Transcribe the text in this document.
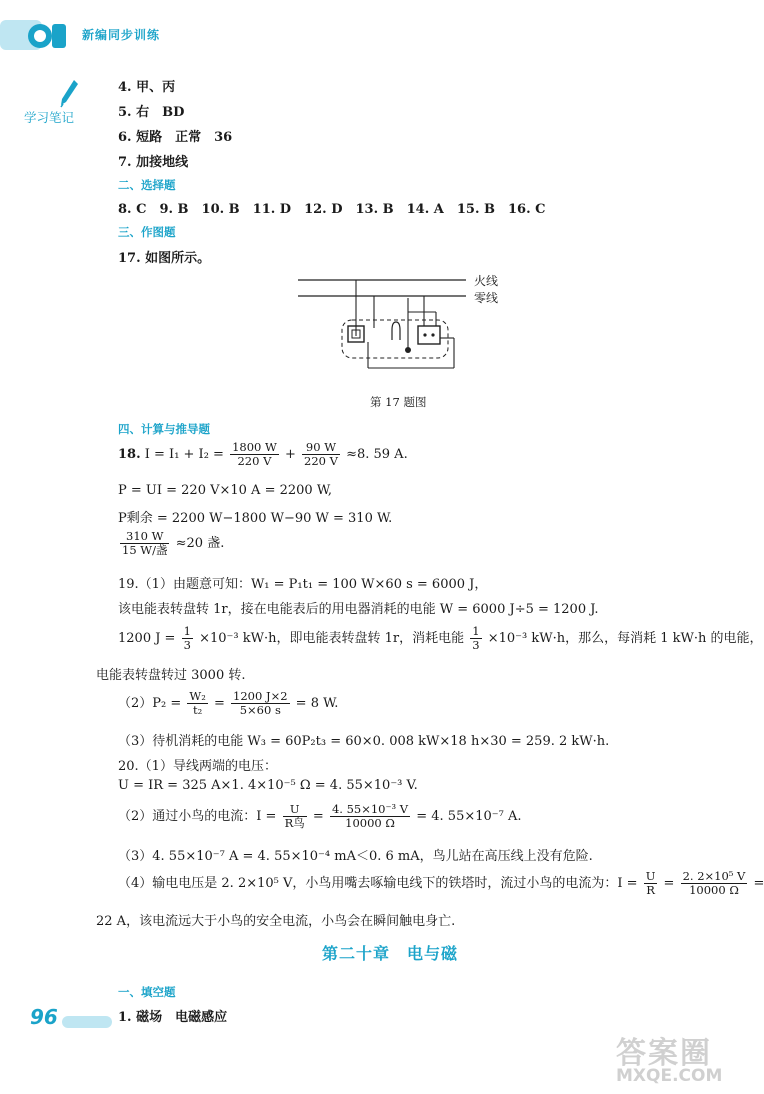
新编同步训练
学习笔记
4. 甲、丙
5. 右　BD
6. 短路　正常　36
7. 加接地线
二、选择题
8. C　9. B　10. B　11. D　12. D　13. B　14. A　15. B　16. C
三、作图题
17. 如图所示。
火线
零线
第 17 题图
四、计算与推导题
18. $I = I_1 + I_2 = \frac{1800 W}{220 V} + \frac{90 W}{220 V} \approx 8$. 59 A.
P = UI = 220 V×10 A = 2200 W,
P剩余 = 2200 W−1800 W−90 W = 310 W.
$\frac{310 W}{\text{15 W/盏}} \approx 20$ 盏.
19.（1）由题意可知：W₁ = P₁t₁ = 100 W×60 s = 6000 J，
该电能表转盘转 1r，接在电能表后的用电器消耗的电能 W = 6000 J÷5 = 1200 J.
1200 $J = \frac{1}{3} \times 10^{-3}$ kW·h，即电能表转盘转 1r，消耗电能 $\frac{1}{3} \times 10^{-3}$ kW·h，那么，每消耗 1 kW·h 的电能，
电能表转盘转过 3000 转.
$(2)P_2 = \frac{\text{W₂}}{\text{t₂}} = \frac{1200 J\times 2}{5\times 60 s} = 8$ W.
（3）待机消耗的电能 W₃ = 60P₂t₃ = 60×0. 008 kW×18 h×30 = 259. 2 kW·h.
20.（1）导线两端的电压：
U = IR = 325 A×1. 4×10⁻⁵ Ω = 4. 55×10⁻³ V.
（2）通过小鸟的电流：$I = \frac{U}{\text{R鸟}} = \frac{\text{4. 55×10⁻³ V}}{10000 \Omega} = 4$. 55×10⁻⁷ A.
（3）4. 55×10⁻⁷ A = 4. 55×10⁻⁴ mA＜0. 6 mA，鸟儿站在高压线上没有危险.
（4）输电电压是 2. 2×10⁵ V，小鸟用嘴去啄输电线下的铁塔时，流过小鸟的电流为：$I = \frac{U}{R} = \frac{\text{2. 2×10⁵ V}}{10000 \Omega}$ =
22 A，该电流远大于小鸟的安全电流，小鸟会在瞬间触电身亡.
第二十章　电与磁
一、填空题
1. 磁场　电磁感应
96
答案圈
MXQE.COM
